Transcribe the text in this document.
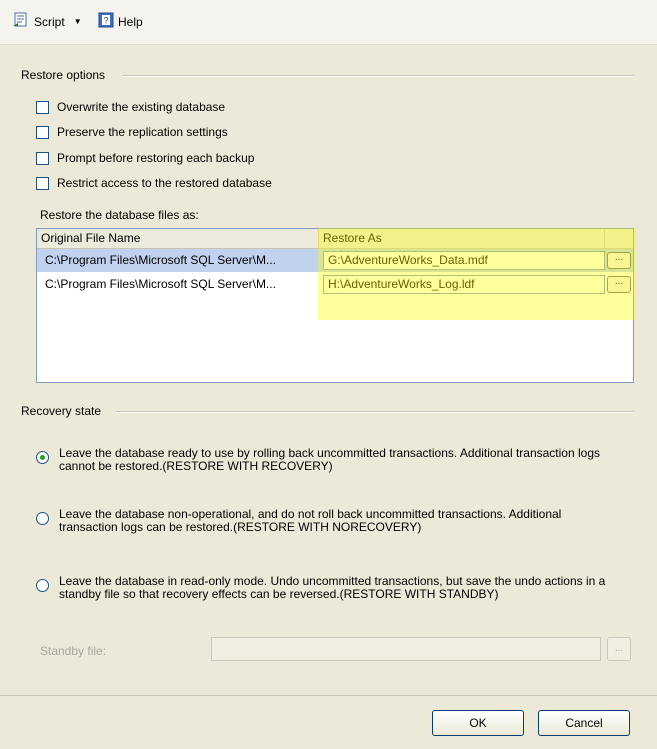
Script ▼ ? Help
Restore options
Overwrite the existing database
Preserve the replication settings
Prompt before restoring each backup
Restrict access to the restored database
Restore the database files as:
Original File Name	Restore As
C:\Program Files\Microsoft SQL Server\M...	G:\AdventureWorks_Data.mdf	...
C:\Program Files\Microsoft SQL Server\M...	H:\AdventureWorks_Log.ldf	...
Recovery state
Leave the database ready to use by rolling back uncommitted transactions. Additional transaction logs cannot be restored.(RESTORE WITH RECOVERY)
Leave the database non-operational, and do not roll back uncommitted transactions. Additional transaction logs can be restored.(RESTORE WITH NORECOVERY)
Leave the database in read-only mode. Undo uncommitted transactions, but save the undo actions in a standby file so that recovery effects can be reversed.(RESTORE WITH STANDBY)
Standby file:	...
OK	Cancel
